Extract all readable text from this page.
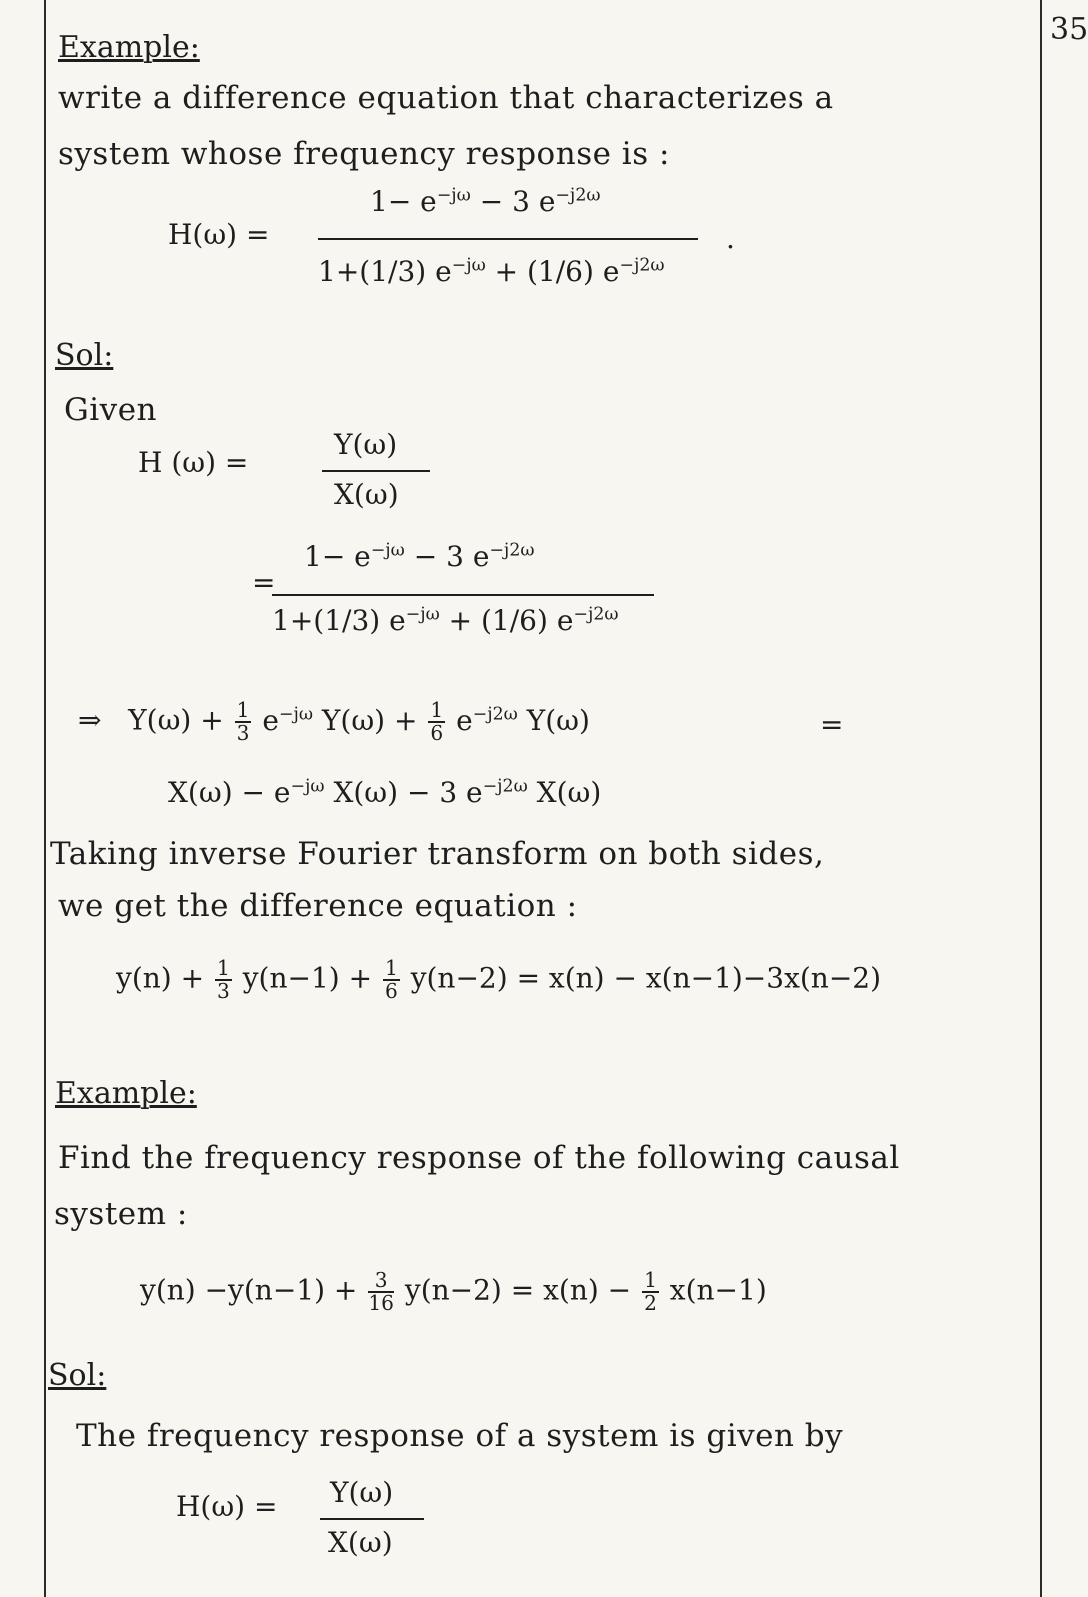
35
Example:
write a difference equation that characterizes a
system whose frequency response is :
H(ω) =
$1- e^{-j\omega} - 3$ $e^{-j2\omega}$
1+(1/3) $e^{-j\omega} + (1/6)$ $e^{-j2\omega}$
.
Sol:
Given
H (ω) =
Y(ω)
X(ω)
=
$1- e^{-j\omega} - 3$ $e^{-j2\omega}$
1+(1/3) $e^{-j\omega} + (1/6)$ $e^{-j2\omega}$
⇒ $Y(\omega) + \frac{1}{3} e^{-j\omega}$ $Y(\omega) + \frac{1}{6} e^{-j2\omega}$ Y(ω)	=
$X(\omega) - e^{-j\omega}$ X(ω) − 3 $e^{-j2\omega}$ X(ω)
Taking inverse Fourier transform on both sides,
we get the difference equation :
$y(n) + \frac{1}{3} y(n-1) + \frac{1}{6} y(n-2) = x(n) - x(n-1)-3x(n-2)$
Example:
Find the frequency response of the following causal
system :
$y(n) -y(n-1) + \frac{3}{16} y(n-2) = x(n) - \frac{1}{2} x(n-1)$
Sol:
The frequency response of a system is given by
H(ω) = Y(ω)
X(ω)
